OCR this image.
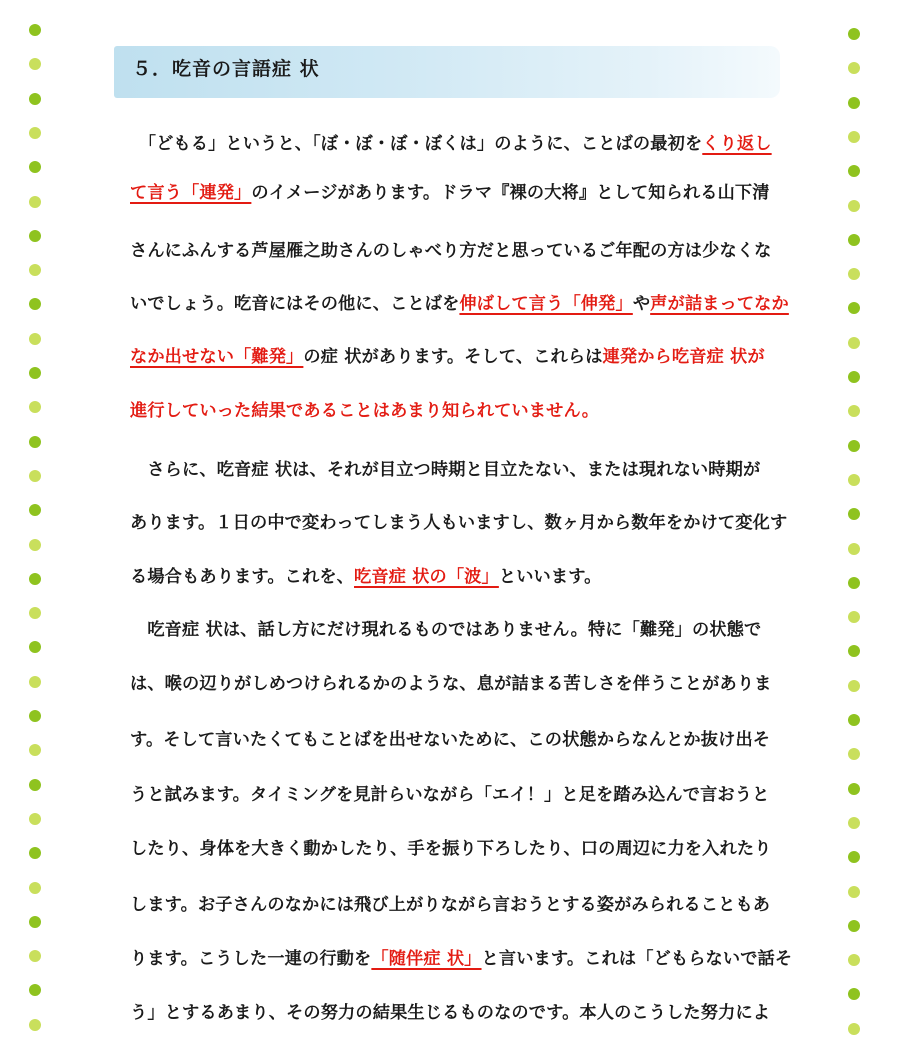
５．吃音の言語症 状
　「どもる」というと、「ぼ・ぼ・ぼ・ぼくは」のように、ことばの最初をくり返し
て言う「連発」のイメージがあります。ドラマ『裸の大将』として知られる山下清
さんにふんする芦屋雁之助さんのしゃべり方だと思っているご年配の方は少なくな
いでしょう。吃音にはその他に、ことばを伸ばして言う「伸発」や声が詰まってなか
なか出せない「難発」の症 状があります。そして、これらは連発から吃音症 状が
進行していった結果であることはあまり知られていません。
　さらに、吃音症 状は、それが目立つ時期と目立たない、または現れない時期が
あります。１日の中で変わってしまう人もいますし、数ヶ月から数年をかけて変化す
る場合もあります。これを、吃音症 状の「波」といいます。
　吃音症 状は、話し方にだけ現れるものではありません。特に「難発」の状態で
は、喉の辺りがしめつけられるかのような、息が詰まる苦しさを伴うことがありま
す。そして言いたくてもことばを出せないために、この状態からなんとか抜け出そ
うと試みます。タイミングを見計らいながら「エイ！」と足を踏み込んで言おうと
したり、身体を大きく動かしたり、手を振り下ろしたり、口の周辺に力を入れたり
します。お子さんのなかには飛び上がりながら言おうとする姿がみられることもあ
ります。こうした一連の行動を「随伴症 状」と言います。これは「どもらないで話そ
う」とするあまり、その努力の結果生じるものなのです。本人のこうした努力によ
